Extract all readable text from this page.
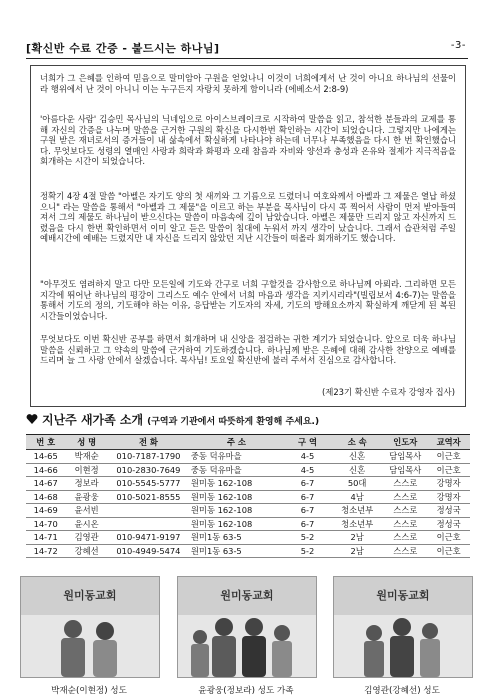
[확신반 수료 간증 - 붙드시는 하나님]	-3-
너희가 그 은혜를 인하여 믿음으로 말미암아 구원을 얻었나니 이것이 너희에게서 난 것이 아니요 하나님의 선물이라 행위에서 난 것이 아니니 이는 누구든지 자랑치 못하게 함이니라 (에베소서 2:8-9)
'아름다운 사람' 김승민 목사님의 닉네임으로 아이스브레이크로 시작하여 말씀을 읽고, 참석한 분들과의 교제를 통해 자신의 간증을 나누며 말씀을 근거한 구원의 확신을 다시한번 확인하는 시간이 되었습니다. 그렇지만 나에게는 구원 받은 재녀로서의 증거들이 내 삶속에서 확실하게 나타나야 하는데 너무나 부족했음을 다시 한 번 확인했습니다. 무엇보다도 성령의 열매인 사랑과 희락과 화평과 오래 참음과 자비와 양선과 충성과 온유와 절제가 지극적음을 회개하는 시간이 되었습니다.
정확기 4장 4절 말씀 "아벨은 자기도 양의 첫 새끼와 그 기름으로 드렸더니 여호와께서 아벨과 그 제물은 열납 하셨으니" 라는 말씀을 통해서 "아벨과 그 제물"을 이르고 하는 부분을 목사님이 다시 콕 찍어서 사람이 먼저 받아들여져서 그의 제물도 하나님이 받으신다는 말씀이 마음속에 깊이 남았습니다. 아벨은 제물만 드리지 않고 자신까지 드렸음을 다시 한번 확인하면서 이미 알고 듣은 말씀이 침대에 누워서 까지 생각이 났습니다. 그래서 습관처럼 주일 예배시간에 예배는 드렸지만 내 자신을 드리지 않았던 지난 시간들이 떠올라 회개하기도 했습니다.
"아무것도 염려하지 말고 다만 모든일에 기도와 간구로 너희 구할것을 감사함으로 하나님께 아뢰라. 그리하면 모든 지각에 뛰어난 하나님의 평강이 그리스도 예수 안에서 너희 마음과 생각을 지키시리라"(빌립보서 4:6-7)는 말씀을 통해서 기도의 정의, 기도해야 하는 이유, 응답받는 기도자의 자세, 기도의 방해요소까지 확실하게 깨닫게 된 복된 시간들이었습니다.
무엇보다도 이번 확신반 공부를 하면서 회개하며 내 신앙을 점검하는 귀한 계기가 되었습니다. 앞으로 더욱 하나님 말씀을 신뢰하고 그 약속의 말씀에 근거하여 기도하겠습니다. 하나님께 받은 은혜에 대해 감사한 찬양으로 예배를 드리며 늘 그 사랑 안에서 살겠습니다. 목사님! 토요일 확신반에 불러 주셔서 진심으로 감사합니다.
(제23기 확신반 수료자 강영자 집사)
지난주 새가족 소개 (구역과 기관에서 따뜻하게 환영해 주세요.)
번 호	성 명	전 화	주 소	구 역	소 속	인도자	교역자
14-65	박재순	010-7187-1790	중동 덕유마을	4-5	신혼	담임목사	이근호
14-66	이현정	010-2830-7649	중동 덕유마을	4-5	신혼	담임목사	이근호
14-67	정보라	010-5545-5777	원미동 162-108	6-7	50대	스스로	강명자
14-68	윤광웅	010-5021-8555	원미동 162-108	6-7	4남	스스로	강명자
14-69	윤서빈		원미동 162-108	6-7	청소년부	스스로	정성국
14-70	윤시온		원미동 162-108	6-7	청소년부	스스로	정성국
14-71	김영관	010-9471-9197	원미1동 63-5	5-2	2남	스스로	이근호
14-72	강혜선	010-4949-5474	원미1동 63-5	5-2	2남	스스로	이근호
원미동교회	원미동교회	원미동교회
박재순(이현정) 성도	윤광웅(정보라) 성도 가족	김영관(강혜선) 성도
